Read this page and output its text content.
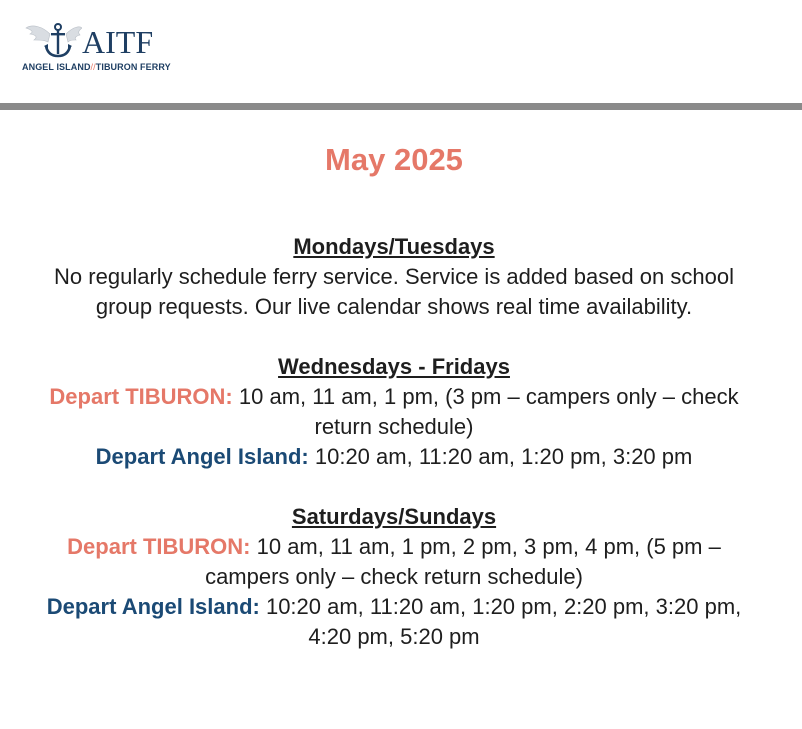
AITF
ANGEL ISLAND//TIBURON FERRY

May 2025

Mondays/Tuesdays

No regularly schedule ferry service. Service is added based on school group requests. Our live calendar shows real time availability.

Wednesdays - Fridays

Depart TIBURON: 10 am, 11 am, 1 pm, (3 pm – campers only – check return schedule)

Depart Angel Island: 10:20 am, 11:20 am, 1:20 pm, 3:20 pm

Saturdays/Sundays

Depart TIBURON: 10 am, 11 am, 1 pm, 2 pm, 3 pm, 4 pm, (5 pm – campers only – check return schedule)

Depart Angel Island: 10:20 am, 11:20 am, 1:20 pm, 2:20 pm, 3:20 pm, 4:20 pm, 5:20 pm
